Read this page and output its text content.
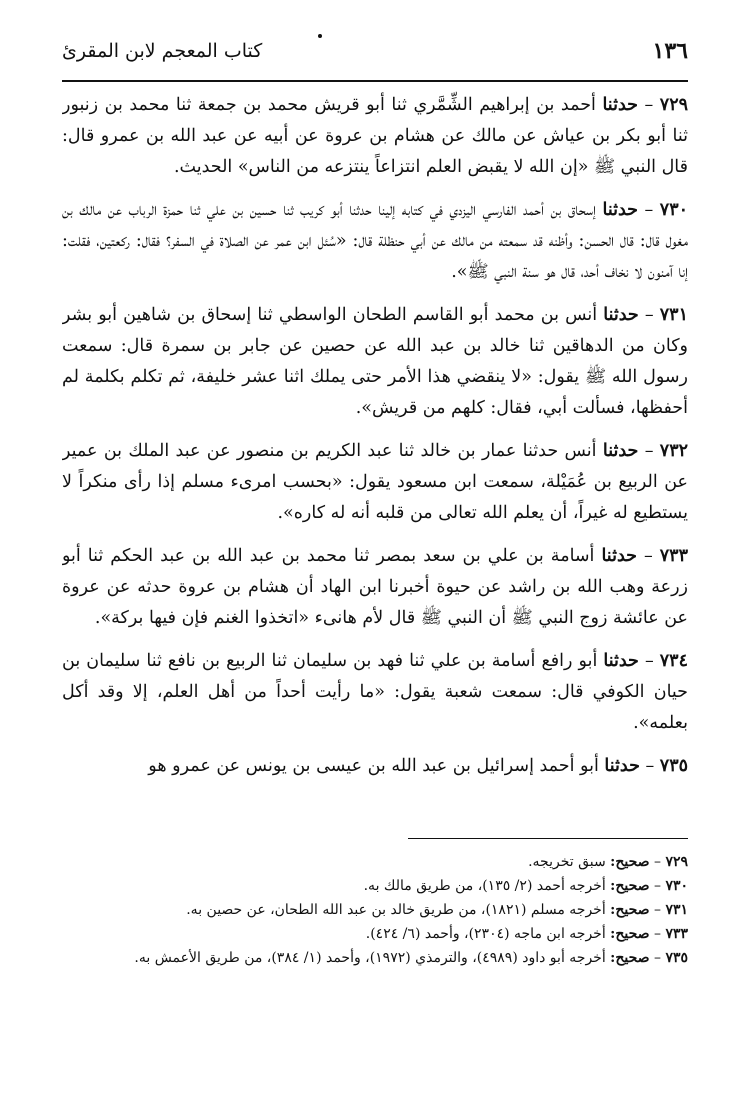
١٣٦
كتاب المعجم لابن المقرئ

٧٢٩ – حدثنا أحمد بن إبراهيم الشِّمَّري ثنا أبو قريش محمد بن جمعة ثنا محمد بن زنبور ثنا أبو بكر بن عياش عن مالك عن هشام بن عروة عن أبيه عن عبد الله بن عمرو قال: قال النبي ﷺ «إن الله لا يقبض العلم انتزاعاً ينتزعه من الناس» الحديث.

٧٣٠ – حدثنا إسحاق بن أحمد الفارسي اليزدي في كتابه إلينا حدثنا أبو كريب ثنا حسين بن علي ثنا حمزة الرباب عن مالك بن مغول قال: قال الحسن: وأظنه قد سمعته من مالك عن أبي حنظلة قال: «سُئل ابن عمر عن الصلاة في السفر؟ فقال: ركعتين، فقلت: إنا آمنون لا نخاف أحد، قال هو سنة النبي ﷺ».

٧٣١ – حدثنا أنس بن محمد أبو القاسم الطحان الواسطي ثنا إسحاق بن شاهين أبو بشر وكان من الدهاقين ثنا خالد بن عبد الله عن حصين عن جابر بن سمرة قال: سمعت رسول الله ﷺ يقول: «لا ينقضي هذا الأمر حتى يملك اثنا عشر خليفة، ثم تكلم بكلمة لم أحفظها، فسألت أبي، فقال: كلهم من قريش».

٧٣٢ – حدثنا أنس حدثنا عمار بن خالد ثنا عبد الكريم بن منصور عن عبد الملك بن عمير عن الربيع بن عُمَيْلة، سمعت ابن مسعود يقول: «بحسب امرىء مسلم إذا رأى منكراً لا يستطيع له غيراً، أن يعلم الله تعالى من قلبه أنه له كاره».

٧٣٣ – حدثنا أسامة بن علي بن سعد بمصر ثنا محمد بن عبد الله بن عبد الحكم ثنا أبو زرعة وهب الله بن راشد عن حيوة أخبرنا ابن الهاد أن هشام بن عروة حدثه عن عروة عن عائشة زوج النبي ﷺ أن النبي ﷺ قال لأم هانىء «اتخذوا الغنم فإن فيها بركة».

٧٣٤ – حدثنا أبو رافع أسامة بن علي ثنا فهد بن سليمان ثنا الربيع بن نافع ثنا سليمان بن حيان الكوفي قال: سمعت شعبة يقول: «ما رأيت أحداً من أهل العلم، إلا وقد أكل بعلمه».

٧٣٥ – حدثنا أبو أحمد إسرائيل بن عبد الله بن عيسى بن يونس عن عمرو هو

٧٢٩ – صحيح: سبق تخريجه.

٧٣٠ – صحيح: أخرجه أحمد (٢/ ١٣٥)، من طريق مالك به.

٧٣١ – صحيح: أخرجه مسلم (١٨٢١)، من طريق خالد بن عبد الله الطحان، عن حصين به.

٧٣٣ – صحيح: أخرجه ابن ماجه (٢٣٠٤)، وأحمد (٦/ ٤٢٤).

٧٣٥ – صحيح: أخرجه أبو داود (٤٩٨٩)، والترمذي (١٩٧٢)، وأحمد (١/ ٣٨٤)، من طريق الأعمش به.
